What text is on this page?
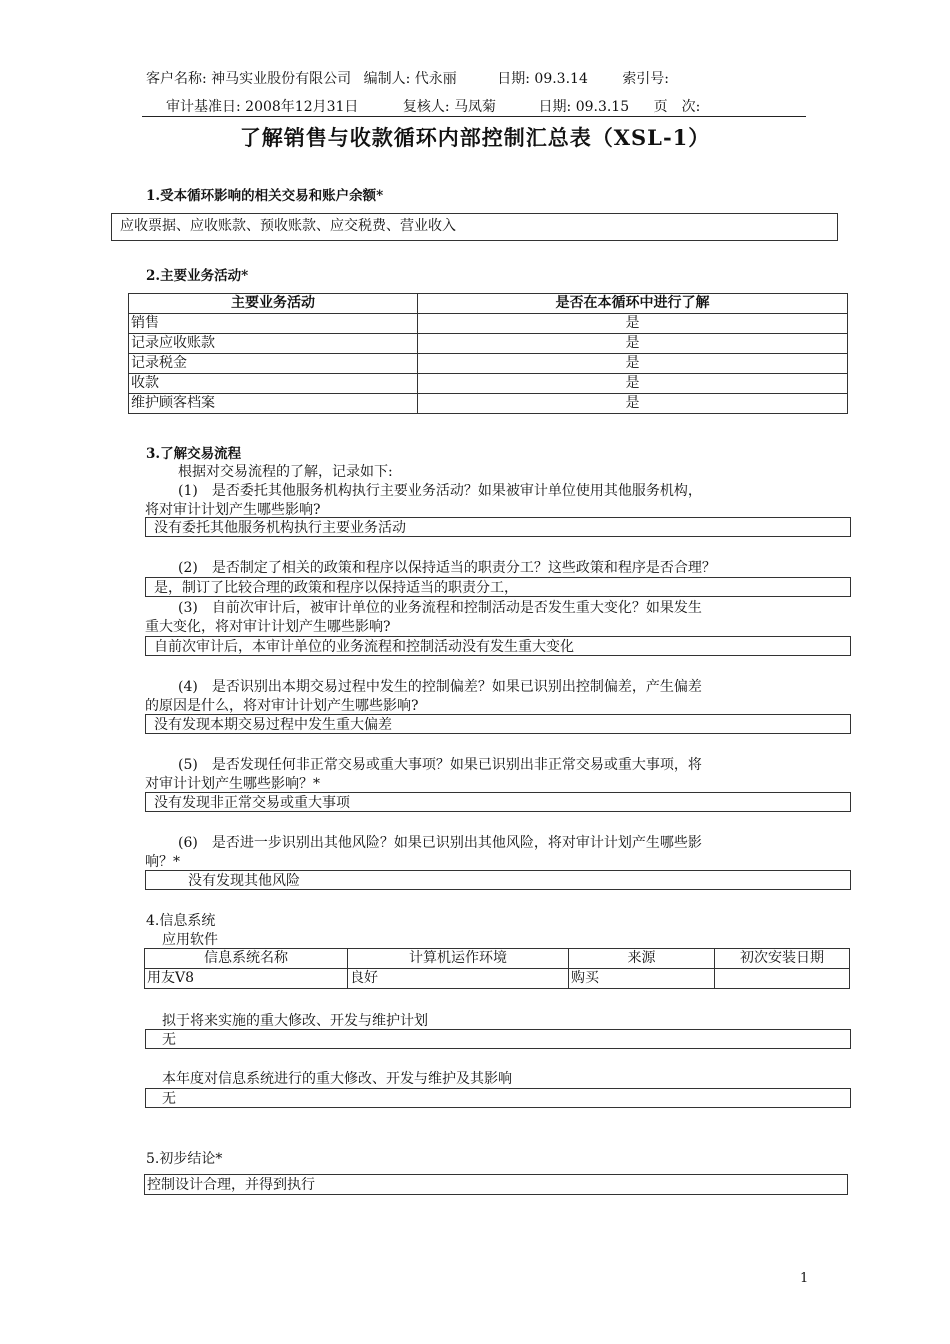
客户名称: 神马实业股份有限公司 编制人: 代永丽	日期: 09.3.14 索引号:
审计基准日: 2008年12月31日	复核人: 马凤菊	日期: 09.3.15 页　次:
了解销售与收款循环内部控制汇总表（XSL-1）
1.受本循环影响的相关交易和账户余额*
应收票据、应收账款、预收账款、应交税费、营业收入
2.主要业务活动*
主要业务活动	是否在本循环中进行了解
销售	是
记录应收账款	是
记录税金	是
收款	是
维护顾客档案	是
3.了解交易流程
根据对交易流程的了解，记录如下:
(1)　是否委托其他服务机构执行主要业务活动？如果被审计单位使用其他服务机构，
将对审计计划产生哪些影响?
没有委托其他服务机构执行主要业务活动
(2)　是否制定了相关的政策和程序以保持适当的职责分工？这些政策和程序是否合理？
是，制订了比较合理的政策和程序以保持适当的职责分工，
(3)　自前次审计后，被审计单位的业务流程和控制活动是否发生重大变化？如果发生
重大变化，将对审计计划产生哪些影响?
自前次审计后，本审计单位的业务流程和控制活动没有发生重大变化
(4)　是否识别出本期交易过程中发生的控制偏差？如果已识别出控制偏差，产生偏差
的原因是什么，将对审计计划产生哪些影响?
没有发现本期交易过程中发生重大偏差
(5)　是否发现任何非正常交易或重大事项？如果已识别出非正常交易或重大事项，将
对审计计划产生哪些影响？*
没有发现非正常交易或重大事项
(6)　是否进一步识别出其他风险？如果已识别出其他风险，将对审计计划产生哪些影
响？*
没有发现其他风险
4.信息系统
应用软件
信息系统名称	计算机运作环境	来源	初次安装日期
用友V8	良好	购买	
拟于将来实施的重大修改、开发与维护计划
无
本年度对信息系统进行的重大修改、开发与维护及其影响
无
5.初步结论*
控制设计合理，并得到执行
1
